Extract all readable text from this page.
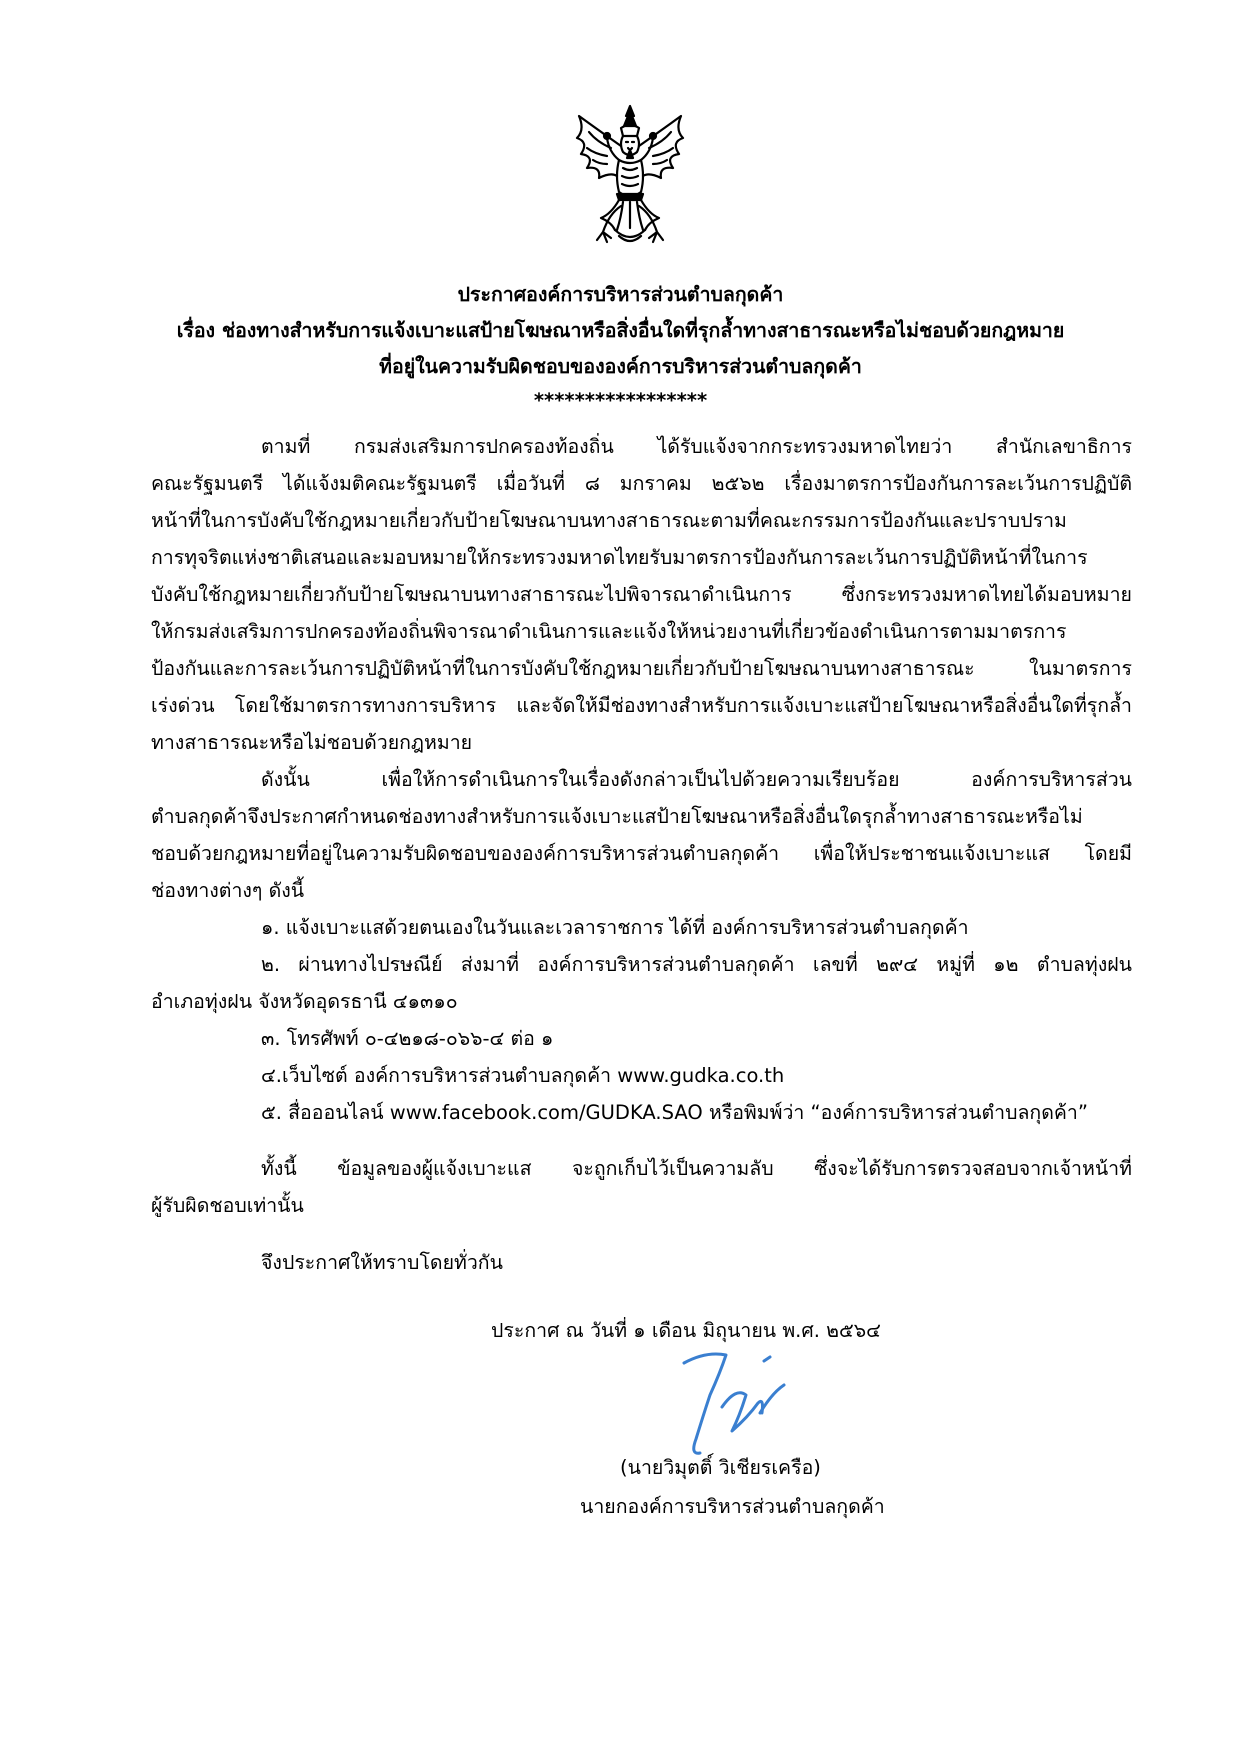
ประกาศองค์การบริหารส่วนตำบลกุดค้า
เรื่อง ช่องทางสำหรับการแจ้งเบาะแสป้ายโฆษณาหรือสิ่งอื่นใดที่รุกล้ำทางสาธารณะหรือไม่ชอบด้วยกฎหมาย
ที่อยู่ในความรับผิดชอบขององค์การบริหารส่วนตำบลกุดค้า
*****************
ตามที่ กรมส่งเสริมการปกครองท้องถิ่น ได้รับแจ้งจากกระทรวงมหาดไทยว่า สำนักเลขาธิการ
คณะรัฐมนตรี ได้แจ้งมติคณะรัฐมนตรี เมื่อวันที่ ๘ มกราคม ๒๕๖๒ เรื่องมาตรการป้องกันการละเว้นการปฏิบัติ
หน้าที่ในการบังคับใช้กฎหมายเกี่ยวกับป้ายโฆษณาบนทางสาธารณะตามที่คณะกรรมการป้องกันและปราบปราม
การทุจริตแห่งชาติเสนอและมอบหมายให้กระทรวงมหาดไทยรับมาตรการป้องกันการละเว้นการปฏิบัติหน้าที่ในการ
บังคับใช้กฎหมายเกี่ยวกับป้ายโฆษณาบนทางสาธารณะไปพิจารณาดำเนินการ ซึ่งกระทรวงมหาดไทยได้มอบหมาย
ให้กรมส่งเสริมการปกครองท้องถิ่นพิจารณาดำเนินการและแจ้งให้หน่วยงานที่เกี่ยวข้องดำเนินการตามมาตรการ
ป้องกันและการละเว้นการปฏิบัติหน้าที่ในการบังคับใช้กฎหมายเกี่ยวกับป้ายโฆษณาบนทางสาธารณะ ในมาตรการ
เร่งด่วน โดยใช้มาตรการทางการบริหาร และจัดให้มีช่องทางสำหรับการแจ้งเบาะแสป้ายโฆษณาหรือสิ่งอื่นใดที่รุกล้ำ
ทางสาธารณะหรือไม่ชอบด้วยกฎหมาย
ดังนั้น เพื่อให้การดำเนินการในเรื่องดังกล่าวเป็นไปด้วยความเรียบร้อย องค์การบริหารส่วน
ตำบลกุดค้าจึงประกาศกำหนดช่องทางสำหรับการแจ้งเบาะแสป้ายโฆษณาหรือสิ่งอื่นใดรุกล้ำทางสาธารณะหรือไม่
ชอบด้วยกฎหมายที่อยู่ในความรับผิดชอบขององค์การบริหารส่วนตำบลกุดค้า เพื่อให้ประชาชนแจ้งเบาะแส โดยมี
ช่องทางต่างๆ ดังนี้
๑. แจ้งเบาะแสด้วยตนเองในวันและเวลาราชการ ได้ที่ องค์การบริหารส่วนตำบลกุดค้า
๒. ผ่านทางไปรษณีย์ ส่งมาที่ องค์การบริหารส่วนตำบลกุดค้า เลขที่ ๒๙๔ หมู่ที่ ๑๒ ตำบลทุ่งฝน
อำเภอทุ่งฝน จังหวัดอุดรธานี ๔๑๓๑๐
๓. โทรศัพท์ ๐-๔๒๑๘-๐๖๖-๔ ต่อ ๑
๔.เว็บไซต์ องค์การบริหารส่วนตำบลกุดค้า www.gudka.co.th
๕. สื่อออนไลน์ www.facebook.com/GUDKA.SAO หรือพิมพ์ว่า “องค์การบริหารส่วนตำบลกุดค้า”
ทั้งนี้ ข้อมูลของผู้แจ้งเบาะแส จะถูกเก็บไว้เป็นความลับ ซึ่งจะได้รับการตรวจสอบจากเจ้าหน้าที่
ผู้รับผิดชอบเท่านั้น
จึงประกาศให้ทราบโดยทั่วกัน
ประกาศ ณ วันที่ ๑ เดือน มิถุนายน พ.ศ. ๒๕๖๔
(นายวิมุตติ์ วิเชียรเครือ)
นายกองค์การบริหารส่วนตำบลกุดค้า
